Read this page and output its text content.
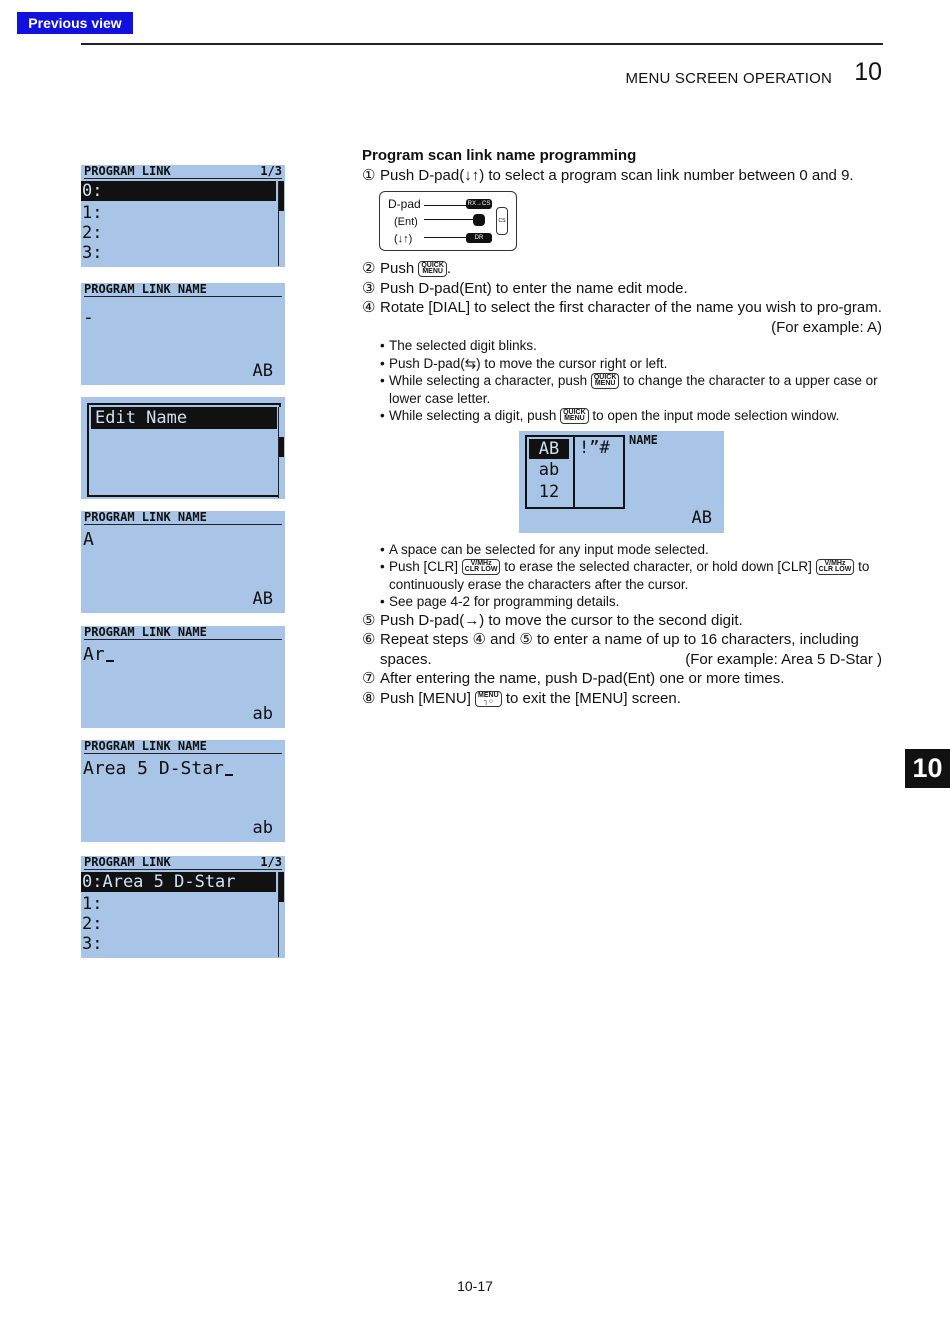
Previous view
MENU SCREEN OPERATION 10
10
PROGRAM LINK	1/3
0:
1:
2:
3:
PROGRAM LINK NAME
-
AB
Edit Name
PROGRAM LINK NAME
A
AB
PROGRAM LINK NAME
Ar
ab
PROGRAM LINK NAME
Area 5 D-Star
ab
PROGRAM LINK	1/3
0:Area 5 D-Star
1:
2:
3:
Program scan link name programming
① Push D-pad(↓↑) to select a program scan link number between 0 and 9.
D-pad
(Ent)
(↓↑)
RX→CS
DR
CS
② Push QUICK
MENU .
③ Push D-pad(Ent) to enter the name edit mode.
④ Rotate [DIAL] to select the first character of the name you wish to pro-gram.
(For example: A)
• The selected digit blinks.
• Push D-pad(⇆) to move the cursor right or left.
• While selecting a character, push QUICK
MENU to change the character to a upper case or lower case letter.
• While selecting a digit, push QUICK
MENU to open the input mode selection window.
NAME
AB
ab
12
!”#
AB
• A space can be selected for any input mode selected.
• Push [CLR] V/MHz
CLR LOW to erase the selected character, or hold down [CLR] V/MHz
CLR LOW to continuously erase the characters after the cursor.
• See page 4-2 for programming details.
⑤ Push D-pad(→) to move the cursor to the second digit.
⑥ Repeat steps ④ and ⑤ to enter a name of up to 16 characters, including spaces.	(For example: Area 5 D-Star )
⑦ After entering the name, push D-pad(Ent) one or more times.
⑧ Push [MENU] MENU
┐○ to exit the [MENU] screen.
10-17
